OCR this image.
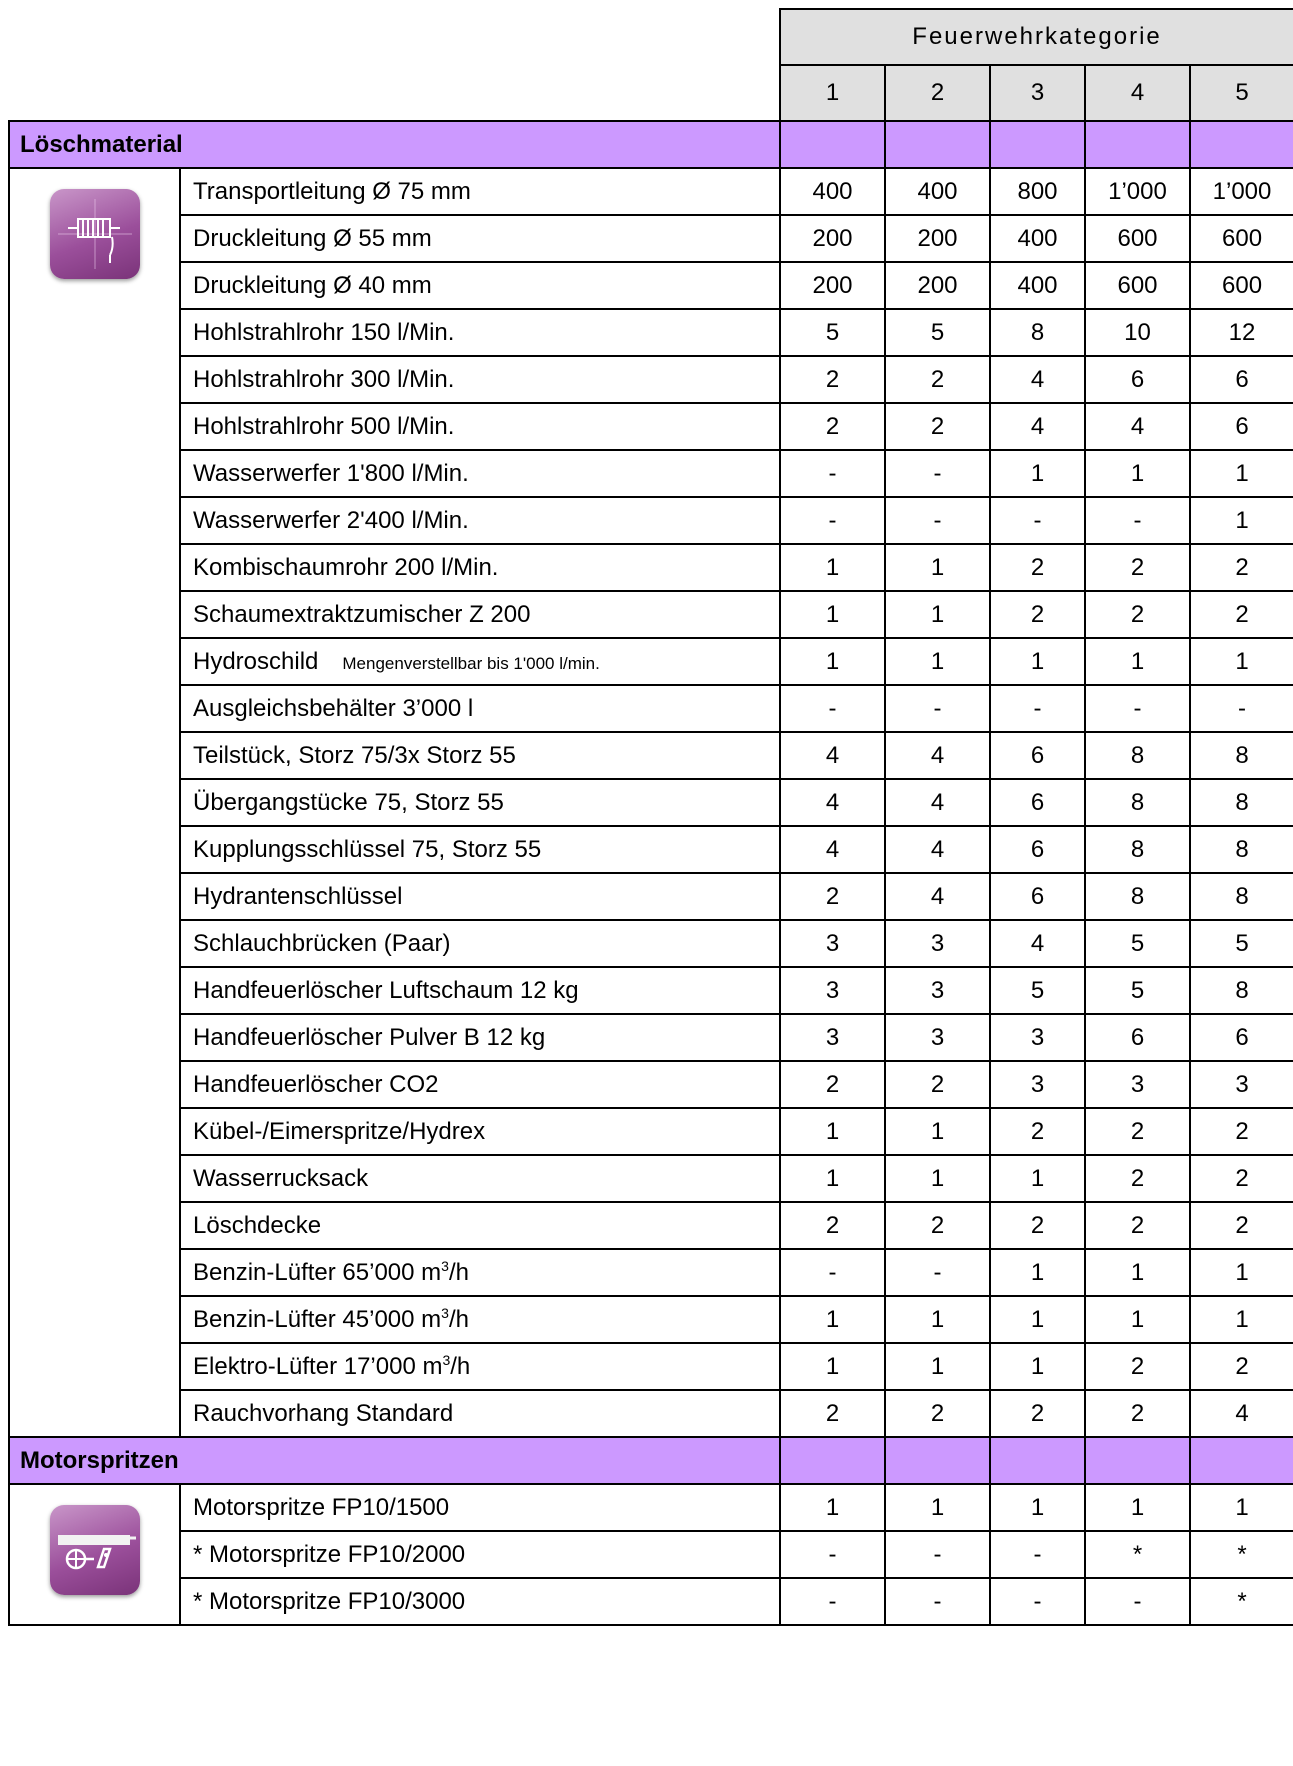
		Feuerwehrkategorie				
		1	2	3	4	5
Löschmaterial						

	Transportleitung Ø 75 mm	400	400	800	1’000	1’000
	Druckleitung Ø 55 mm	200	200	400	600	600
	Druckleitung Ø 40 mm	200	200	400	600	600
	Hohlstrahlrohr 150 l/Min.	5	5	8	10	12
	Hohlstrahlrohr 300 l/Min.	2	2	4	6	6
	Hohlstrahlrohr 500 l/Min.	2	2	4	4	6
	Wasserwerfer 1'800 l/Min.	-	-	1	1	1
	Wasserwerfer 2'400 l/Min.	-	-	-	-	1
	Kombischaumrohr 200 l/Min.	1	1	2	2	2
	Schaumextraktzumischer Z 200	1	1	2	2	2
	Hydroschild Mengenverstellbar bis 1'000 l/min.	1	1	1	1	1
	Ausgleichsbehälter 3’000 l	-	-	-	-	-
	Teilstück, Storz 75/3x Storz 55	4	4	6	8	8
	Übergangstücke 75, Storz 55	4	4	6	8	8
	Kupplungsschlüssel 75, Storz 55	4	4	6	8	8
	Hydrantenschlüssel	2	4	6	8	8
	Schlauchbrücken (Paar)	3	3	4	5	5
	Handfeuerlöscher Luftschaum 12 kg	3	3	5	5	8
	Handfeuerlöscher Pulver B 12 kg	3	3	3	6	6
	Handfeuerlöscher CO2	2	2	3	3	3
	Kübel-/Eimerspritze/Hydrex	1	1	2	2	2
	Wasserrucksack	1	1	1	2	2
	Löschdecke	2	2	2	2	2
	Benzin-Lüfter 65’000 $m^3/h$	-	-	1	1	1
	Benzin-Lüfter 45’000 $m^3/h$	1	1	1	1	1
	Elektro-Lüfter 17’000 $m^3/h$	1	1	1	2	2
	Rauchvorhang Standard	2	2	2	2	4
Motorspritzen						

	Motorspritze FP10/1500	1	1	1	1	1
	* Motorspritze FP10/2000	-	-	-	*	*
	* Motorspritze FP10/3000	-	-	-	-	*
